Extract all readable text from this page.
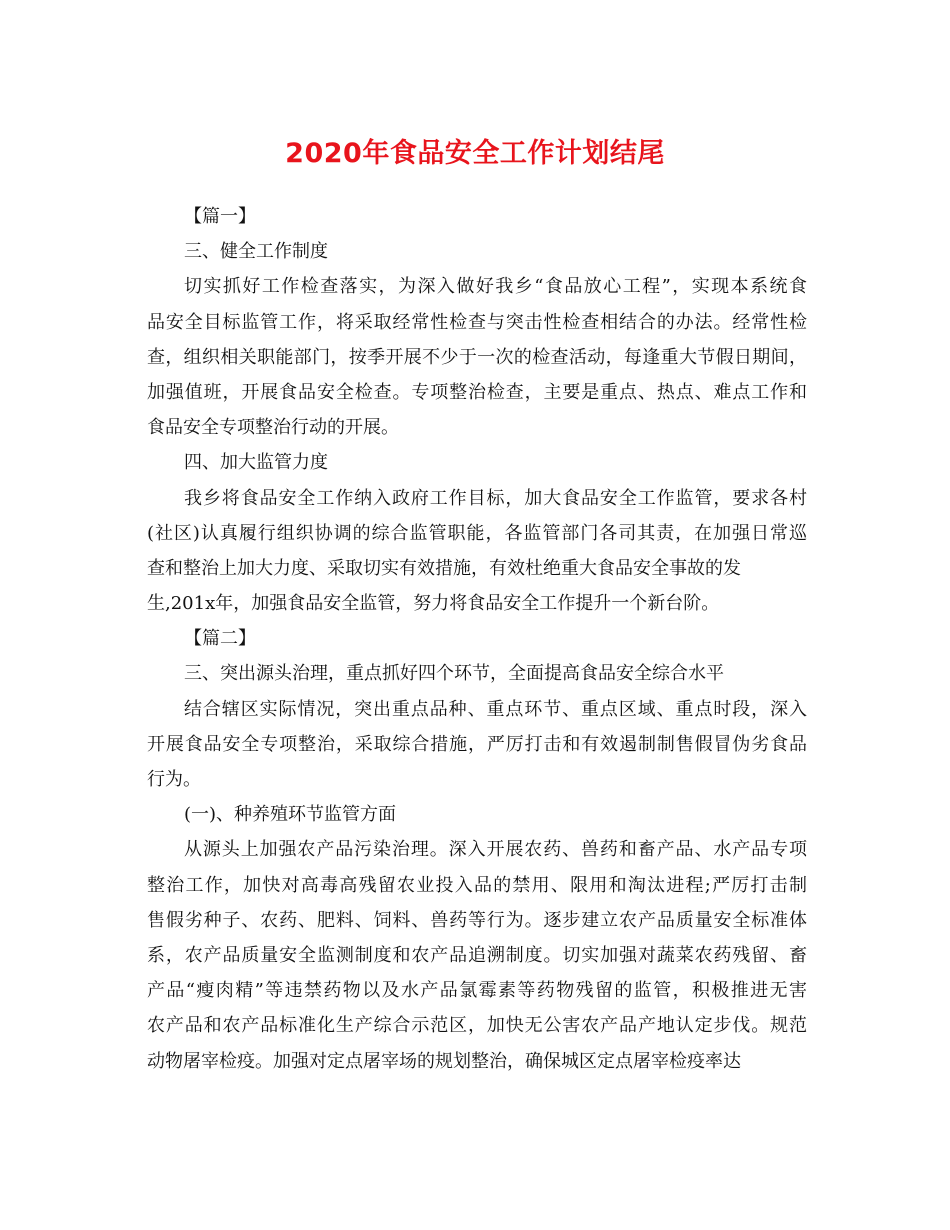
2020年食品安全工作计划结尾
【篇一】
三、健全工作制度
切实抓好工作检查落实，为深入做好我乡“食品放心工程”，实现本系统食
品安全目标监管工作，将采取经常性检查与突击性检查相结合的办法。经常性检
查，组织相关职能部门，按季开展不少于一次的检查活动，每逢重大节假日期间，
加强值班，开展食品安全检查。专项整治检查，主要是重点、热点、难点工作和
食品安全专项整治行动的开展。
四、加大监管力度
我乡将食品安全工作纳入政府工作目标，加大食品安全工作监管，要求各村
(社区)认真履行组织协调的综合监管职能，各监管部门各司其责，在加强日常巡
查和整治上加大力度、采取切实有效措施，有效杜绝重大食品安全事故的发
生,201x年，加强食品安全监管，努力将食品安全工作提升一个新台阶。
【篇二】
三、突出源头治理，重点抓好四个环节，全面提高食品安全综合水平
结合辖区实际情况，突出重点品种、重点环节、重点区域、重点时段，深入
开展食品安全专项整治，采取综合措施，严厉打击和有效遏制制售假冒伪劣食品
行为。
(一)、种养殖环节监管方面
从源头上加强农产品污染治理。深入开展农药、兽药和畜产品、水产品专项
整治工作，加快对高毒高残留农业投入品的禁用、限用和淘汰进程;严厉打击制
售假劣种子、农药、肥料、饲料、兽药等行为。逐步建立农产品质量安全标准体
系，农产品质量安全监测制度和农产品追溯制度。切实加强对蔬菜农药残留、畜
产品“瘦肉精”等违禁药物以及水产品氯霉素等药物残留的监管，积极推进无害
农产品和农产品标准化生产综合示范区，加快无公害农产品产地认定步伐。规范
动物屠宰检疫。加强对定点屠宰场的规划整治，确保城区定点屠宰检疫率达
